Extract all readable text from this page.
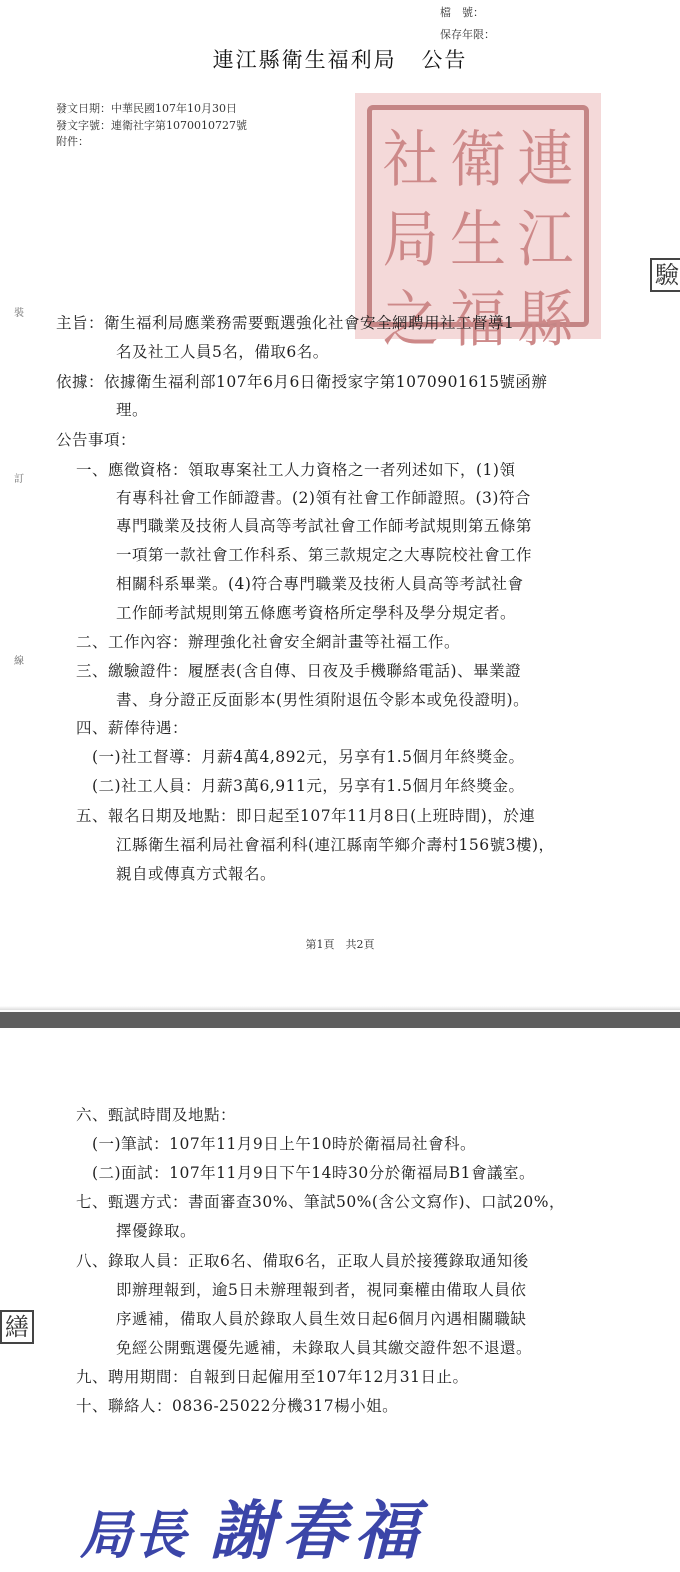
檔　號：
保存年限：
連江縣衛生福利局 公告
發文日期：中華民國107年10月30日
發文字號：連衛社字第1070010727號
附件：	社 衛 連
局 生 江
之 福 縣
驗
裝
訂
線
主旨：衛生福利局應業務需要甄選強化社會安全網聘用社工督導1
名及社工人員5名，備取6名。
依據：依據衛生福利部107年6月6日衛授家字第1070901615號函辦
理。
公告事項：
一、應徵資格：領取專案社工人力資格之一者列述如下，(1)領
有專科社會工作師證書。(2)領有社會工作師證照。(3)符合
專門職業及技術人員高等考試社會工作師考試規則第五條第
一項第一款社會工作科系、第三款規定之大專院校社會工作
相關科系畢業。(4)符合專門職業及技術人員高等考試社會
工作師考試規則第五條應考資格所定學科及學分規定者。
二、工作內容：辦理強化社會安全網計畫等社福工作。
三、繳驗證件：履歷表(含自傳、日夜及手機聯絡電話)、畢業證
書、身分證正反面影本(男性須附退伍令影本或免役證明)。
四、薪俸待遇：
(一)社工督導：月薪4萬4,892元，另享有1.5個月年終獎金。
(二)社工人員：月薪3萬6,911元，另享有1.5個月年終獎金。
五、報名日期及地點：即日起至107年11月8日(上班時間)，於連
江縣衛生福利局社會福利科(連江縣南竿鄉介壽村156號3樓)，
親自或傳真方式報名。
第1頁　共2頁
繕
六、甄試時間及地點：
(一)筆試：107年11月9日上午10時於衛福局社會科。
(二)面試：107年11月9日下午14時30分於衛福局B1會議室。
七、甄選方式：書面審查30%、筆試50%(含公文寫作)、口試20%，
擇優錄取。
八、錄取人員：正取6名、備取6名，正取人員於接獲錄取通知後
即辦理報到，逾5日未辦理報到者，視同棄權由備取人員依
序遞補，備取人員於錄取人員生效日起6個月內遇相關職缺
免經公開甄選優先遞補，未錄取人員其繳交證件恕不退還。
九、聘用期間：自報到日起僱用至107年12月31日止。
十、聯絡人：0836-25022分機317楊小姐。
局長 謝春福
